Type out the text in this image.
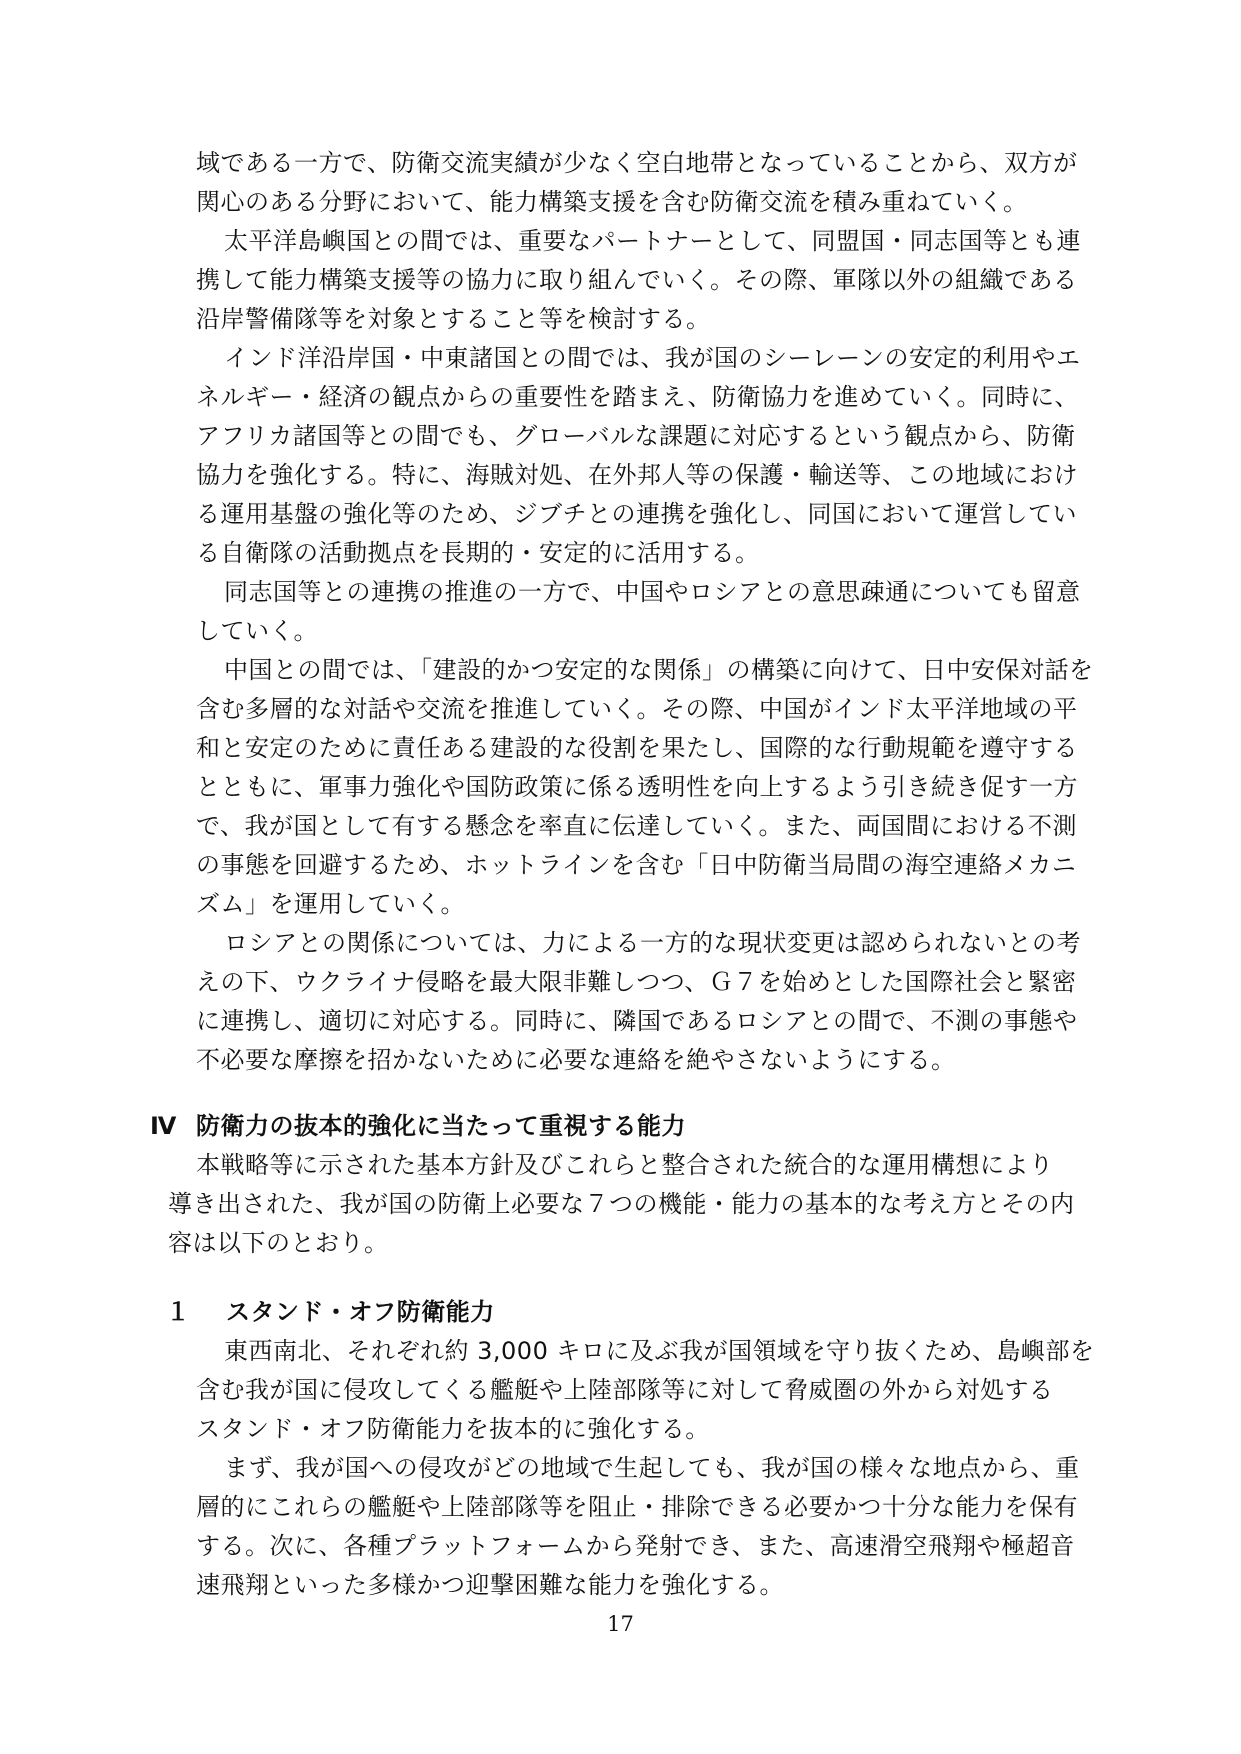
域である一方で、防衛交流実績が少なく空白地帯となっていることから、双方が
関心のある分野において、能力構築支援を含む防衛交流を積み重ねていく。
太平洋島嶼国との間では、重要なパートナーとして、同盟国・同志国等とも連
携して能力構築支援等の協力に取り組んでいく。その際、軍隊以外の組織である
沿岸警備隊等を対象とすること等を検討する。
インド洋沿岸国・中東諸国との間では、我が国のシーレーンの安定的利用やエ
ネルギー・経済の観点からの重要性を踏まえ、防衛協力を進めていく。同時に、
アフリカ諸国等との間でも、グローバルな課題に対応するという観点から、防衛
協力を強化する。特に、海賊対処、在外邦人等の保護・輸送等、この地域におけ
る運用基盤の強化等のため、ジブチとの連携を強化し、同国において運営してい
る自衛隊の活動拠点を長期的・安定的に活用する。
同志国等との連携の推進の一方で、中国やロシアとの意思疎通についても留意
していく。
中国との間では、「建設的かつ安定的な関係」の構築に向けて、日中安保対話を
含む多層的な対話や交流を推進していく。その際、中国がインド太平洋地域の平
和と安定のために責任ある建設的な役割を果たし、国際的な行動規範を遵守する
とともに、軍事力強化や国防政策に係る透明性を向上するよう引き続き促す一方
で、我が国として有する懸念を率直に伝達していく。また、両国間における不測
の事態を回避するため、ホットラインを含む「日中防衛当局間の海空連絡メカニ
ズム」を運用していく。
ロシアとの関係については、力による一方的な現状変更は認められないとの考
えの下、ウクライナ侵略を最大限非難しつつ、Ｇ７を始めとした国際社会と緊密
に連携し、適切に対応する。同時に、隣国であるロシアとの間で、不測の事態や
不必要な摩擦を招かないために必要な連絡を絶やさないようにする。
Ⅳ 防衛力の抜本的強化に当たって重視する能力
本戦略等に示された基本方針及びこれらと整合された統合的な運用構想により
導き出された、我が国の防衛上必要な７つの機能・能力の基本的な考え方とその内
容は以下のとおり。
１ スタンド・オフ防衛能力
東西南北、それぞれ約 3,000 キロに及ぶ我が国領域を守り抜くため、島嶼部を
含む我が国に侵攻してくる艦艇や上陸部隊等に対して脅威圏の外から対処する
スタンド・オフ防衛能力を抜本的に強化する。
まず、我が国への侵攻がどの地域で生起しても、我が国の様々な地点から、重
層的にこれらの艦艇や上陸部隊等を阻止・排除できる必要かつ十分な能力を保有
する。次に、各種プラットフォームから発射でき、また、高速滑空飛翔や極超音
速飛翔といった多様かつ迎撃困難な能力を強化する。
17
